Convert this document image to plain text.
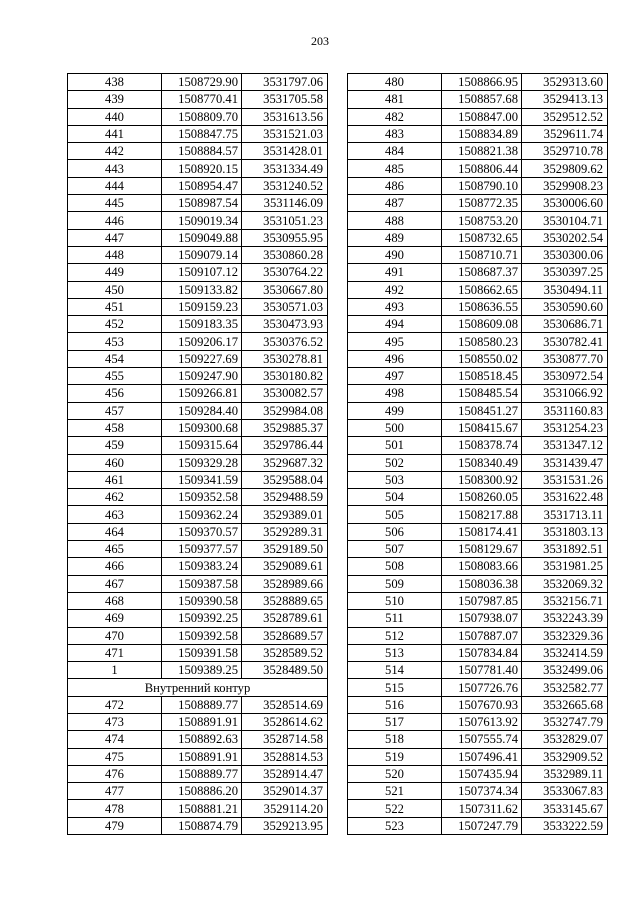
203
438	1508729.90	3531797.06
439	1508770.41	3531705.58
440	1508809.70	3531613.56
441	1508847.75	3531521.03
442	1508884.57	3531428.01
443	1508920.15	3531334.49
444	1508954.47	3531240.52
445	1508987.54	3531146.09
446	1509019.34	3531051.23
447	1509049.88	3530955.95
448	1509079.14	3530860.28
449	1509107.12	3530764.22
450	1509133.82	3530667.80
451	1509159.23	3530571.03
452	1509183.35	3530473.93
453	1509206.17	3530376.52
454	1509227.69	3530278.81
455	1509247.90	3530180.82
456	1509266.81	3530082.57
457	1509284.40	3529984.08
458	1509300.68	3529885.37
459	1509315.64	3529786.44
460	1509329.28	3529687.32
461	1509341.59	3529588.04
462	1509352.58	3529488.59
463	1509362.24	3529389.01
464	1509370.57	3529289.31
465	1509377.57	3529189.50
466	1509383.24	3529089.61
467	1509387.58	3528989.66
468	1509390.58	3528889.65
469	1509392.25	3528789.61
470	1509392.58	3528689.57
471	1509391.58	3528589.52
1	1509389.25	3528489.50
Внутренний контур		
472	1508889.77	3528514.69
473	1508891.91	3528614.62
474	1508892.63	3528714.58
475	1508891.91	3528814.53
476	1508889.77	3528914.47
477	1508886.20	3529014.37
478	1508881.21	3529114.20
479	1508874.79	3529213.95
480	1508866.95	3529313.60
481	1508857.68	3529413.13
482	1508847.00	3529512.52
483	1508834.89	3529611.74
484	1508821.38	3529710.78
485	1508806.44	3529809.62
486	1508790.10	3529908.23
487	1508772.35	3530006.60
488	1508753.20	3530104.71
489	1508732.65	3530202.54
490	1508710.71	3530300.06
491	1508687.37	3530397.25
492	1508662.65	3530494.11
493	1508636.55	3530590.60
494	1508609.08	3530686.71
495	1508580.23	3530782.41
496	1508550.02	3530877.70
497	1508518.45	3530972.54
498	1508485.54	3531066.92
499	1508451.27	3531160.83
500	1508415.67	3531254.23
501	1508378.74	3531347.12
502	1508340.49	3531439.47
503	1508300.92	3531531.26
504	1508260.05	3531622.48
505	1508217.88	3531713.11
506	1508174.41	3531803.13
507	1508129.67	3531892.51
508	1508083.66	3531981.25
509	1508036.38	3532069.32
510	1507987.85	3532156.71
511	1507938.07	3532243.39
512	1507887.07	3532329.36
513	1507834.84	3532414.59
514	1507781.40	3532499.06
515	1507726.76	3532582.77
516	1507670.93	3532665.68
517	1507613.92	3532747.79
518	1507555.74	3532829.07
519	1507496.41	3532909.52
520	1507435.94	3532989.11
521	1507374.34	3533067.83
522	1507311.62	3533145.67
523	1507247.79	3533222.59
